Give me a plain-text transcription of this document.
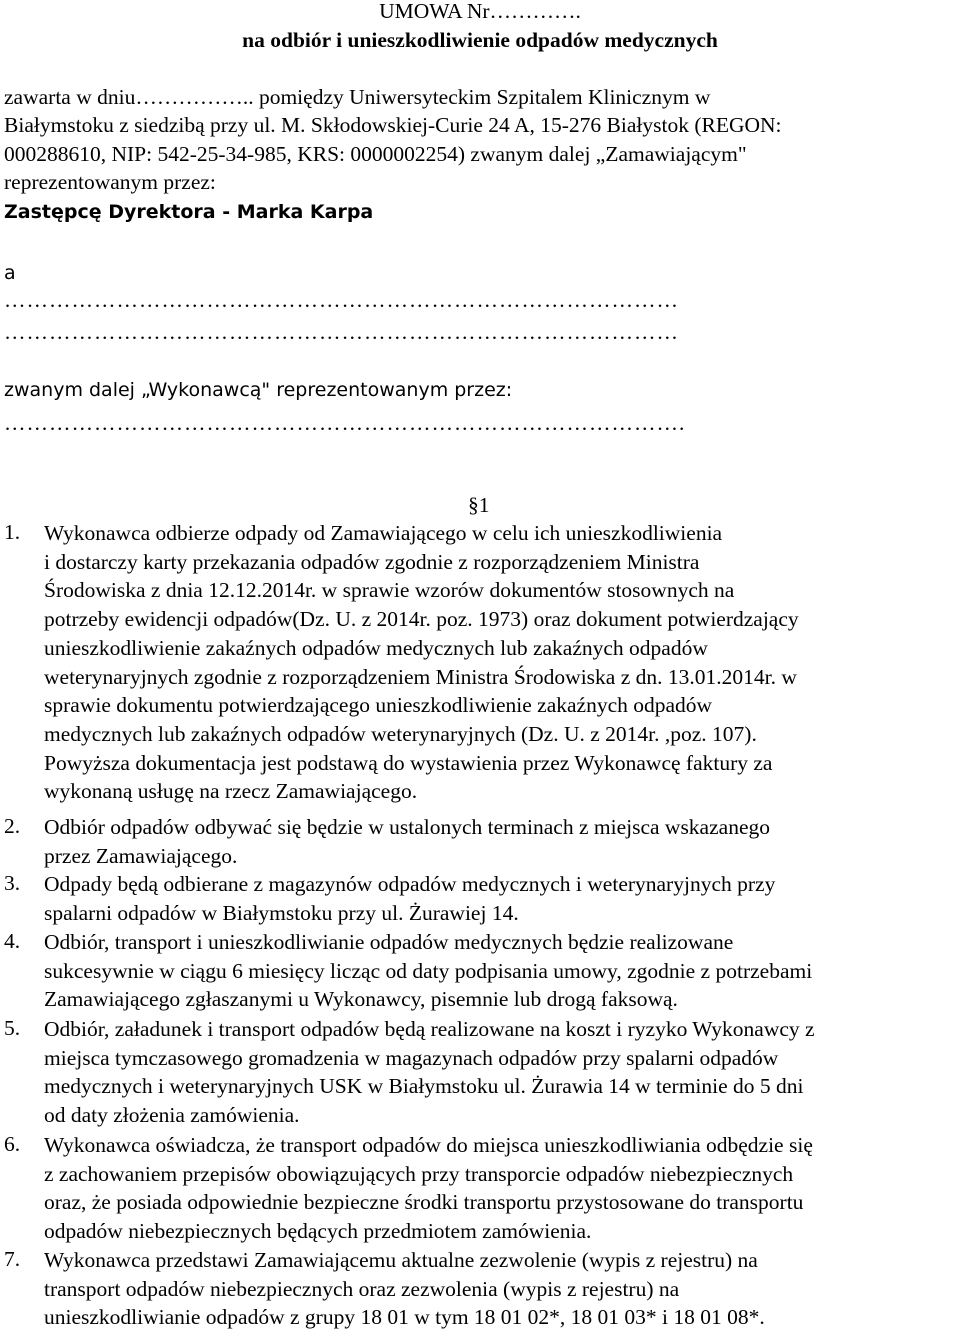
UMOWA Nr………….
na odbiór i unieszkodliwienie odpadów medycznych
zawarta w dniu…………….. pomiędzy Uniwersyteckim Szpitalem Klinicznym w
Białymstoku z siedzibą przy ul. M. Skłodowskiej-Curie 24 A, 15-276 Białystok (REGON:
000288610, NIP: 542-25-34-985, KRS: 0000002254) zwanym dalej „Zamawiającym"
reprezentowanym przez:
Zastępcę Dyrektora - Marka Karpa
a
………………………………………………………………………………
………………………………………………………………………………
zwanym dalej „Wykonawcą" reprezentowanym przez:
……………………………………………………………………………….
§1
1. Wykonawca odbierze odpady od Zamawiającego w celu ich unieszkodliwienia
i dostarczy karty przekazania odpadów zgodnie z rozporządzeniem Ministra
Środowiska z dnia 12.12.2014r. w sprawie wzorów dokumentów stosownych na
potrzeby ewidencji odpadów(Dz. U. z 2014r. poz. 1973) oraz dokument potwierdzający
unieszkodliwienie zakaźnych odpadów medycznych lub zakaźnych odpadów
weterynaryjnych zgodnie z rozporządzeniem Ministra Środowiska z dn. 13.01.2014r. w
sprawie dokumentu potwierdzającego unieszkodliwienie zakaźnych odpadów
medycznych lub zakaźnych odpadów weterynaryjnych (Dz. U. z 2014r. ,poz. 107).
Powyższa dokumentacja jest podstawą do wystawienia przez Wykonawcę faktury za
wykonaną usługę na rzecz Zamawiającego.
2. Odbiór odpadów odbywać się będzie w ustalonych terminach z miejsca wskazanego
przez Zamawiającego.
3. Odpady będą odbierane z magazynów odpadów medycznych i weterynaryjnych przy
spalarni odpadów w Białymstoku przy ul. Żurawiej 14.
4. Odbiór, transport i unieszkodliwianie odpadów medycznych będzie realizowane
sukcesywnie w ciągu 6 miesięcy licząc od daty podpisania umowy, zgodnie z potrzebami
Zamawiającego zgłaszanymi u Wykonawcy, pisemnie lub drogą faksową.
5. Odbiór, załadunek i transport odpadów będą realizowane na koszt i ryzyko Wykonawcy z
miejsca tymczasowego gromadzenia w magazynach odpadów przy spalarni odpadów
medycznych i weterynaryjnych USK w Białymstoku ul. Żurawia 14 w terminie do 5 dni
od daty złożenia zamówienia.
6. Wykonawca oświadcza, że transport odpadów do miejsca unieszkodliwiania odbędzie się
z zachowaniem przepisów obowiązujących przy transporcie odpadów niebezpiecznych
oraz, że posiada odpowiednie bezpieczne środki transportu przystosowane do transportu
odpadów niebezpiecznych będących przedmiotem zamówienia.
7. Wykonawca przedstawi Zamawiającemu aktualne zezwolenie (wypis z rejestru) na
transport odpadów niebezpiecznych oraz zezwolenia (wypis z rejestru) na
unieszkodliwianie odpadów z grupy 18 01 w tym 18 01 02*, 18 01 03* i 18 01 08*.
